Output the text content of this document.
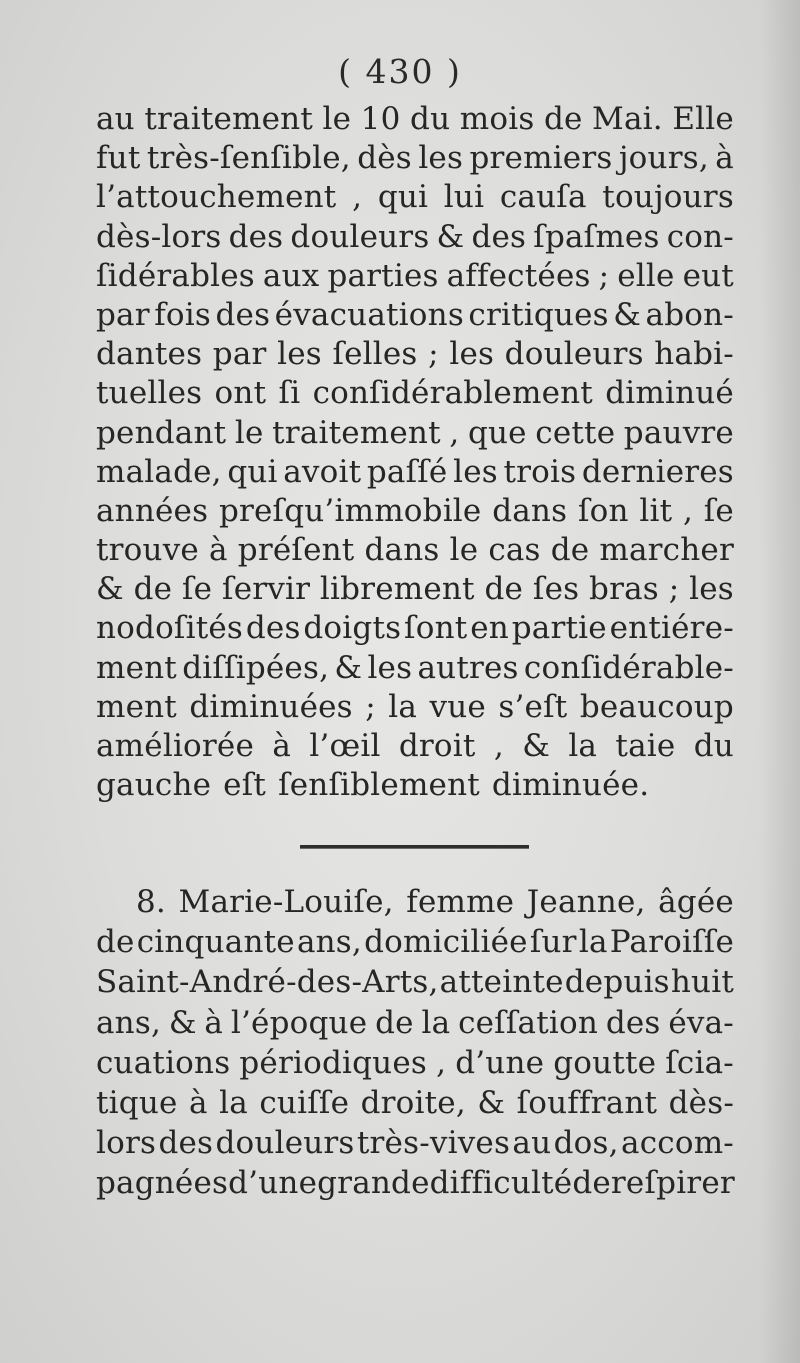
( 430 )
au traitement le 10 du mois de Mai. Elle
fut très-ſenſible, dès les premiers jours, à
l’attouchement , qui lui cauſa toujours
dès-lors des douleurs & des ſpaſmes con-
ſidérables aux parties affectées ; elle eut
par fois des évacuations critiques & abon-
dantes par les ſelles ; les douleurs habi-
tuelles ont ſi conſidérablement diminué
pendant le traitement , que cette pauvre
malade, qui avoit paſſé les trois dernieres
années preſqu’immobile dans ſon lit , ſe
trouve à préſent dans le cas de marcher
& de ſe ſervir librement de ſes bras ; les
nodoſités des doigts ſont en partie entiére-
ment diſſipées, & les autres conſidérable-
ment diminuées ; la vue s’eſt beaucoup
améliorée à l’œil droit , & la taie du
gauche eſt ſenſiblement diminuée.
8. Marie-Louiſe, femme Jeanne, âgée
de cinquante ans, domiciliée ſur la Paroiſſe
Saint-André-des-Arts, atteinte depuis huit
ans, & à l’époque de la ceſſation des éva-
cuations périodiques , d’une goutte ſcia-
tique à la cuiſſe droite, & ſouffrant dès-
lors des douleurs très-vives au dos, accom-
pagnées d’une grande difficulté de reſpirer
